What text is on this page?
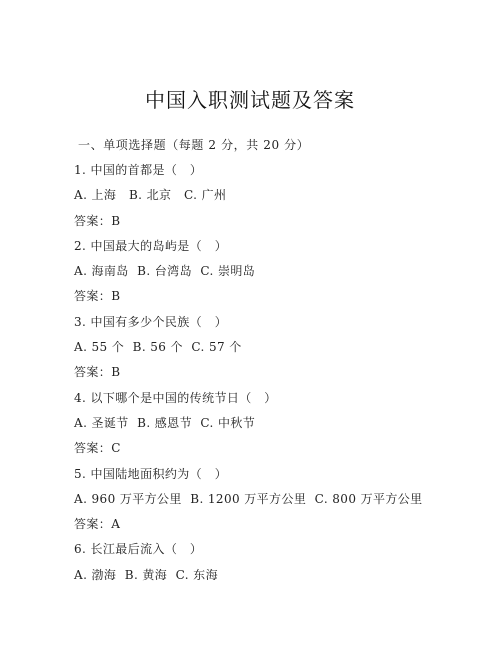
中国入职测试题及答案
一、单项选择题（每题 2 分，共 20 分）
1. 中国的首都是（   ）
A. 上海   B. 北京   C. 广州
答案：B
2. 中国最大的岛屿是（   ）
A. 海南岛  B. 台湾岛  C. 崇明岛
答案：B
3. 中国有多少个民族（   ）
A. 55 个  B. 56 个  C. 57 个
答案：B
4. 以下哪个是中国的传统节日（   ）
A. 圣诞节  B. 感恩节  C. 中秋节
答案：C
5. 中国陆地面积约为（   ）
A. 960 万平方公里  B. 1200 万平方公里  C. 800 万平方公里
答案：A
6. 长江最后流入（   ）
A. 渤海  B. 黄海  C. 东海
